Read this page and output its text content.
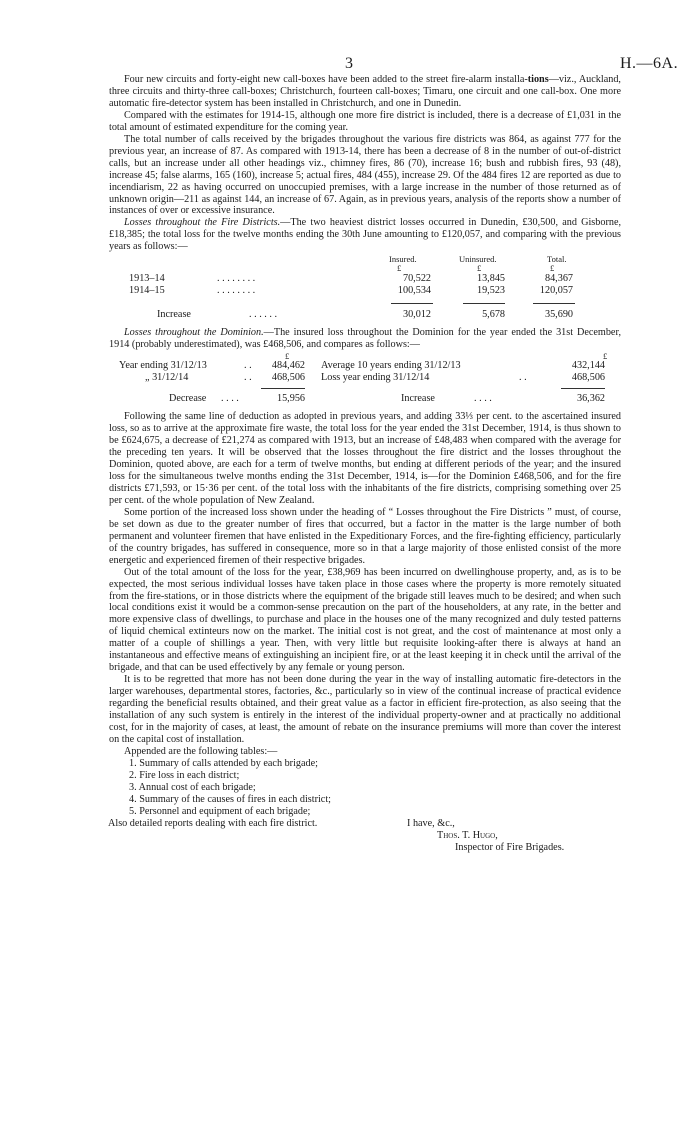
3	H.—6A.

Four new circuits and forty-eight new call-boxes have been added to the street fire-alarm installa-tions—viz., Auckland, three circuits and thirty-three call-boxes; Christchurch, fourteen call-boxes; Timaru, one circuit and one call-box. One more automatic fire-detector system has been installed in Christchurch, and one in Dunedin.

Compared with the estimates for 1914-15, although one more fire district is included, there is a decrease of £1,031 in the total amount of estimated expenditure for the coming year.

The total number of calls received by the brigades throughout the various fire districts was 864, as against 777 for the previous year, an increase of 87. As compared with 1913-14, there has been a decrease of 8 in the number of out-of-district calls, but an increase under all other headings viz., chimney fires, 86 (70), increase 16; bush and rubbish fires, 93 (48), increase 45; false alarms, 165 (160), increase 5; actual fires, 484 (455), increase 29. Of the 484 fires 12 are reported as due to incendiarism, 22 as having occurred on unoccupied premises, with a large increase in the number of those returned as of unknown origin—211 as against 144, an increase of 67. Again, as in previous years, analysis of the reports show a number of instances of over or excessive insurance.

Losses throughout the Fire Districts.—The two heaviest district losses occurred in Dunedin, £30,500, and Gisborne, £18,385; the total loss for the twelve months ending the 30th June amounting to £120,057, and comparing with the previous years as follows:—

Insured.	Uninsured.	Total.
£	£	£
1913–14	. . . . . . . .	70,522	13,845	84,367
1914–15	. . . . . . . .	100,534	19,523	120,057
Increase	. . . . . .	30,012	5,678	35,690

Losses throughout the Dominion.—The insured loss throughout the Dominion for the year ended the 31st December, 1914 (probably underestimated), was £468,506, and compares as follows:—

£	£
Year ending 31/12/13	. .	484,462 Average 10 years ending 31/12/13	432,144
„ 31/12/14	. .	468,506 Loss year ending 31/12/14	. .	468,506
Decrease . . . .	15,956	Increase	. . . .	36,362

Following the same line of deduction as adopted in previous years, and adding 33⅓ per cent. to the ascertained insured loss, so as to arrive at the approximate fire waste, the total loss for the year ended the 31st December, 1914, is thus shown to be £624,675, a decrease of £21,274 as compared with 1913, but an increase of £48,483 when compared with the average for the preceding ten years. It will be observed that the losses throughout the fire district and the losses throughout the Dominion, quoted above, are each for a term of twelve months, but ending at different periods of the year; and the insured loss for the simultaneous twelve months ending the 31st December, 1914, is—for the Dominion £468,506, and for the fire districts £71,593, or 15·36 per cent. of the total loss with the inhabitants of the fire districts, comprising something over 25 per cent. of the whole population of New Zealand.

Some portion of the increased loss shown under the heading of “ Losses throughout the Fire Districts ” must, of course, be set down as due to the greater number of fires that occurred, but a factor in the matter is the large number of both permanent and volunteer firemen that have enlisted in the Expeditionary Forces, and the fire-fighting efficiency, particularly of the country brigades, has suffered in consequence, more so in that a large majority of those enlisted consist of the more energetic and experienced firemen of their respective brigades.

Out of the total amount of the loss for the year, £38,969 has been incurred on dwellinghouse property, and, as is to be expected, the most serious individual losses have taken place in those cases where the property is more remotely situated from the fire-stations, or in those districts where the equipment of the brigade still leaves much to be desired; and when such local conditions exist it would be a common-sense precaution on the part of the householders, at any rate, in the better and more expensive class of dwellings, to purchase and place in the houses one of the many recognized and duly tested patterns of liquid chemical extinteurs now on the market. The initial cost is not great, and the cost of maintenance at most only a matter of a couple of shillings a year. Then, with very little but requisite looking-after there is always at hand an instantaneous and effective means of extinguishing an incipient fire, or at the least keeping it in check until the arrival of the brigade, and that can be used effectively by any female or young person.

It is to be regretted that more has not been done during the year in the way of installing automatic fire-detectors in the larger warehouses, departmental stores, factories, &c., particularly so in view of the continual increase of practical evidence regarding the beneficial results obtained, and their great value as a factor in efficient fire-protection, as also seeing that the installation of any such system is entirely in the interest of the individual property-owner and at practically no additional cost, for in the majority of cases, at least, the amount of rebate on the insurance premiums will more than cover the interest on the capital cost of installation.

Appended are the following tables:—

1. Summary of calls attended by each brigade;
2. Fire loss in each district;
3. Annual cost of each brigade;
4. Summary of the causes of fires in each district;
5. Personnel and equipment of each brigade;
Also detailed reports dealing with each fire district.	I have, &c.,
Thos. T. Hugo,
Inspector of Fire Brigades.
